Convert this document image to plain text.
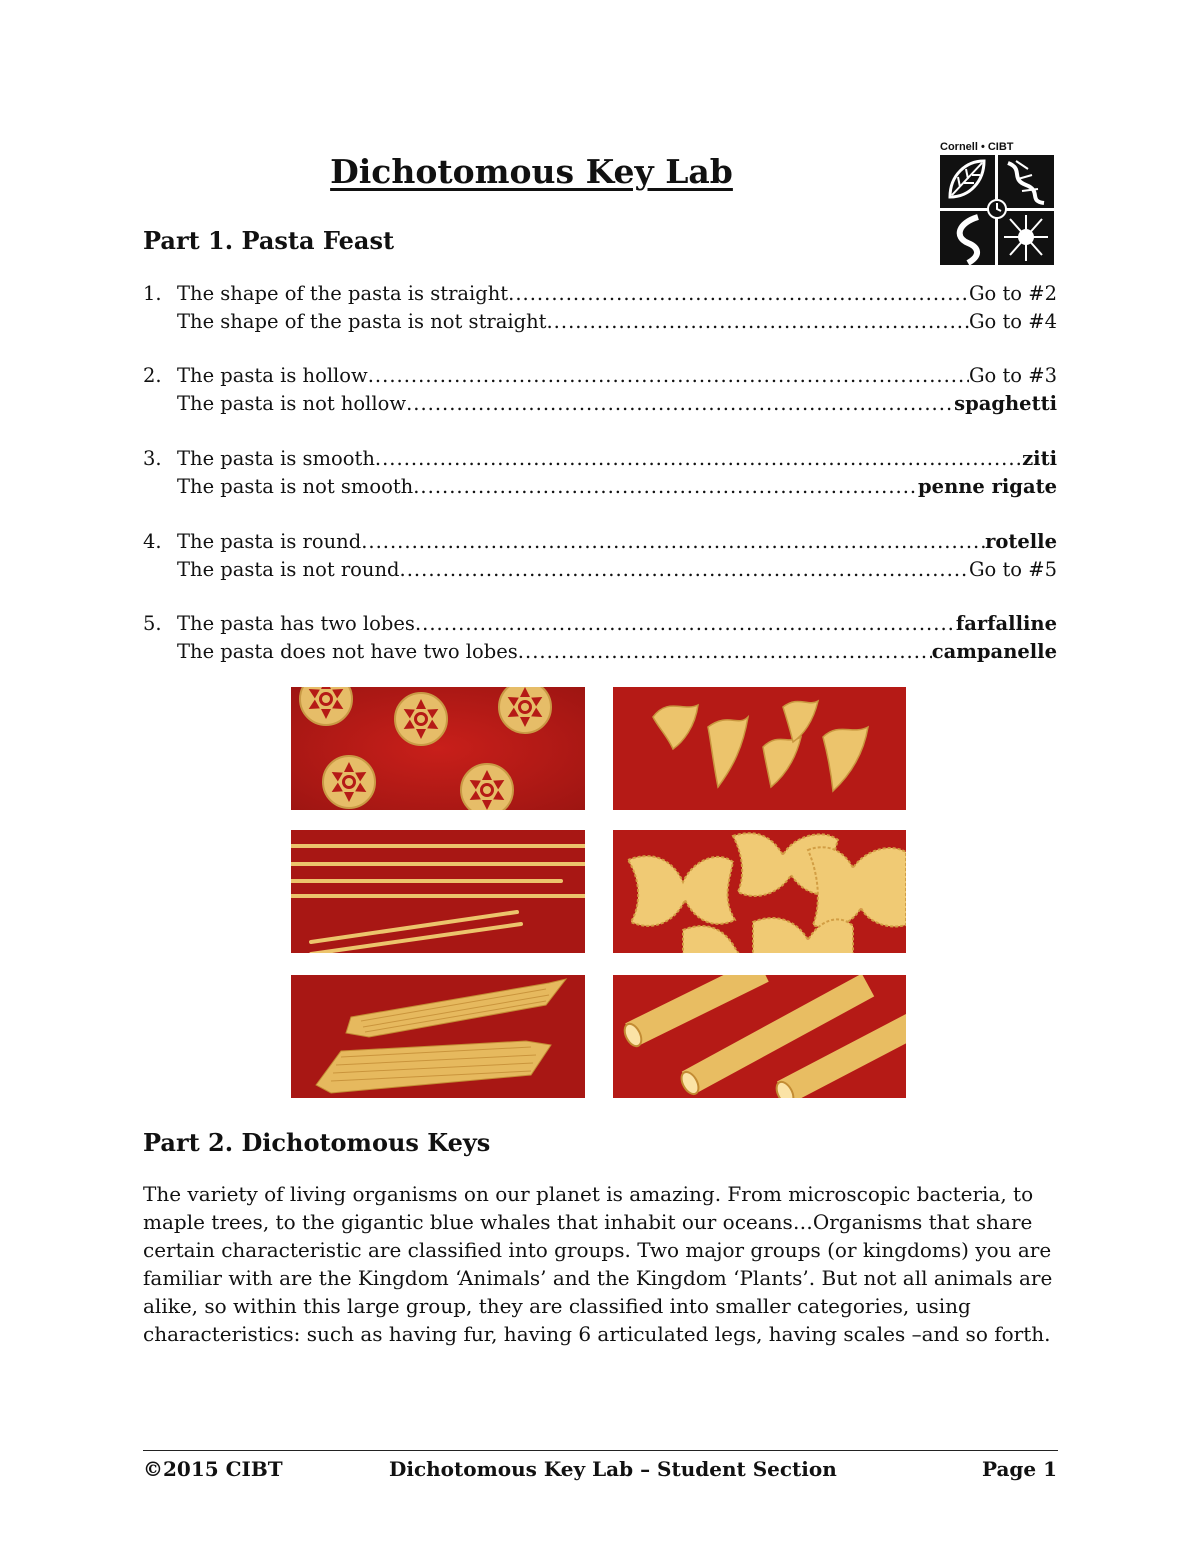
Dichotomous Key Lab
Cornell • CIBT
Part 1. Pasta Feast
1. The shape of the pasta is straight .....	Go to #2
The shape of the pasta is not straight .....	Go to #4
2. The pasta is hollow .....	Go to #3
The pasta is not hollow .....	spaghetti
3. The pasta is smooth .....	ziti
The pasta is not smooth .....	penne rigate
4. The pasta is round .....	rotelle
The pasta is not round .....	Go to #5
5. The pasta has two lobes .....	farfalline
The pasta does not have two lobes .....	campanelle
Part 2. Dichotomous Keys
The variety of living organisms on our planet is amazing. From microscopic bacteria, to
maple trees, to the gigantic blue whales that inhabit our oceans…Organisms that share
certain characteristic are classified into groups. Two major groups (or kingdoms) you are
familiar with are the Kingdom ‘Animals’ and the Kingdom ‘Plants’. But not all animals are
alike, so within this large group, they are classified into smaller categories, using
characteristics: such as having fur, having 6 articulated legs, having scales –and so forth.
©2015 CIBT	Dichotomous Key Lab – Student Section	Page 1
